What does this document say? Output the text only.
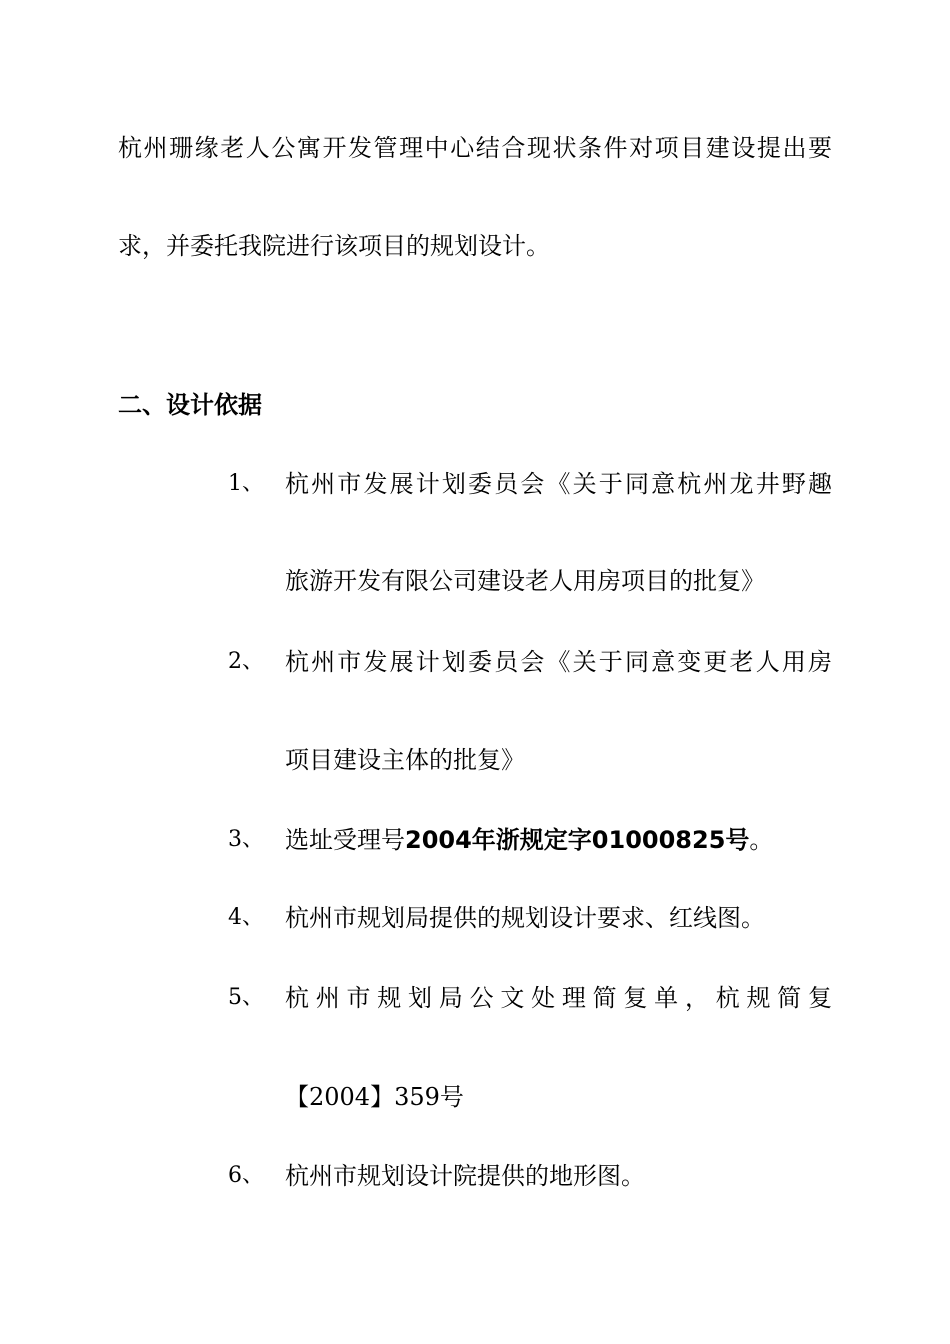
杭州珊缘老人公寓开发管理中心结合现状条件对项目建设提出要
求，并委托我院进行该项目的规划设计。
二、设计依据
1、 杭州市发展计划委员会《关于同意杭州龙井野趣
旅游开发有限公司建设老人用房项目的批复》
2、 杭州市发展计划委员会《关于同意变更老人用房
项目建设主体的批复》
3、 选址受理号2004年浙规定字01000825号。
4、 杭州市规划局提供的规划设计要求、红线图。
5、 杭州市规划局公文处理简复单，杭规简复
【2004】359号
6、 杭州市规划设计院提供的地形图。
